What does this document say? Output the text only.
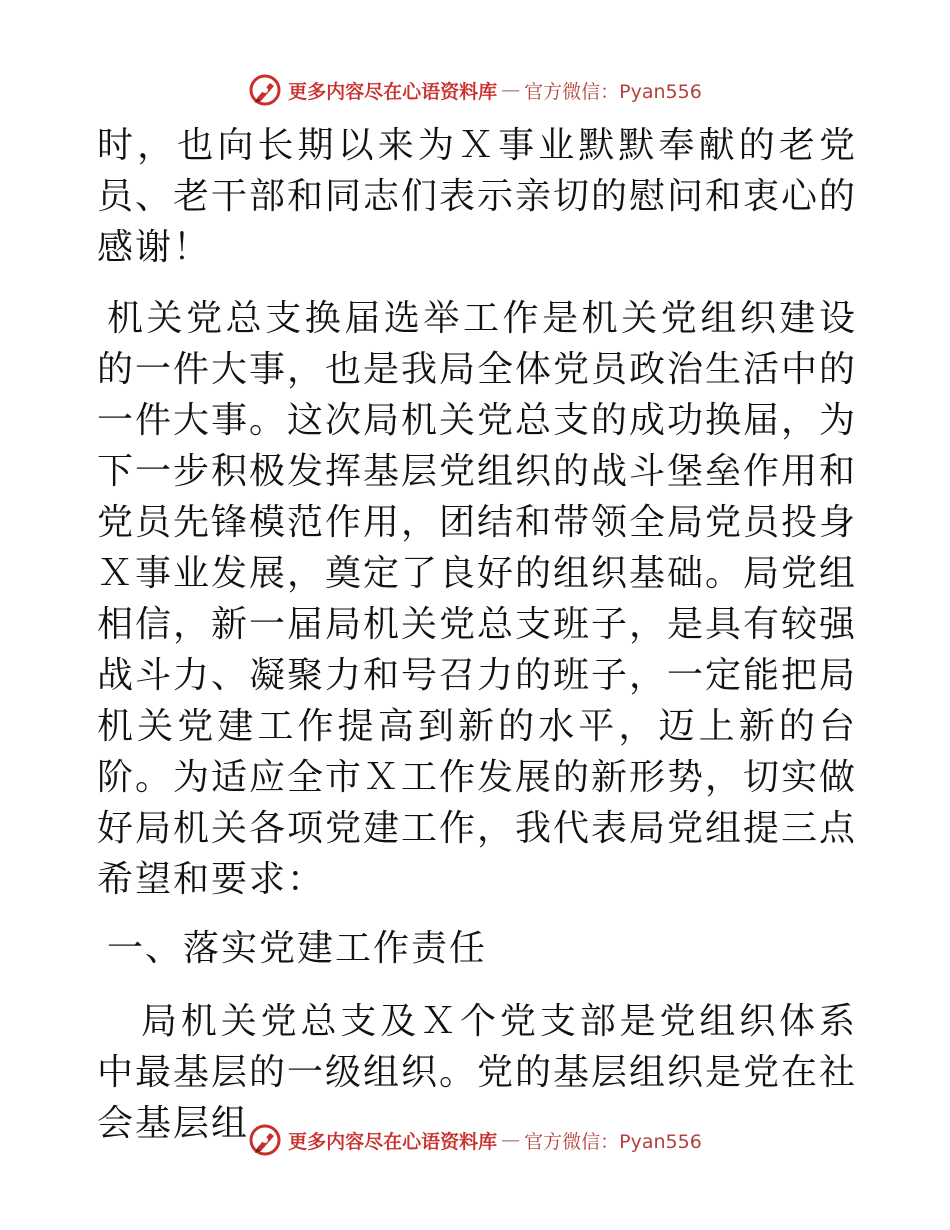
更多内容尽在心语资料库 — 官方微信：Pyan556

时，也向长期以来为Ｘ事业默默奉献的老党员、老干部和同志们表示亲切的慰问和衷心的感谢！

机关党总支换届选举工作是机关党组织建设的一件大事，也是我局全体党员政治生活中的一件大事。这次局机关党总支的成功换届，为下一步积极发挥基层党组织的战斗堡垒作用和党员先锋模范作用，团结和带领全局党员投身Ｘ事业发展，奠定了良好的组织基础。局党组相信，新一届局机关党总支班子，是具有较强战斗力、凝聚力和号召力的班子，一定能把局机关党建工作提高到新的水平，迈上新的台阶。为适应全市Ｘ工作发展的新形势，切实做好局机关各项党建工作，我代表局党组提三点希望和要求：

一、落实党建工作责任

局机关党总支及Ｘ个党支部是党组织体系中最基层的一级组织。党的基层组织是党在社会基层组	更多内容尽在心语资料库 — 官方微信：Pyan556
